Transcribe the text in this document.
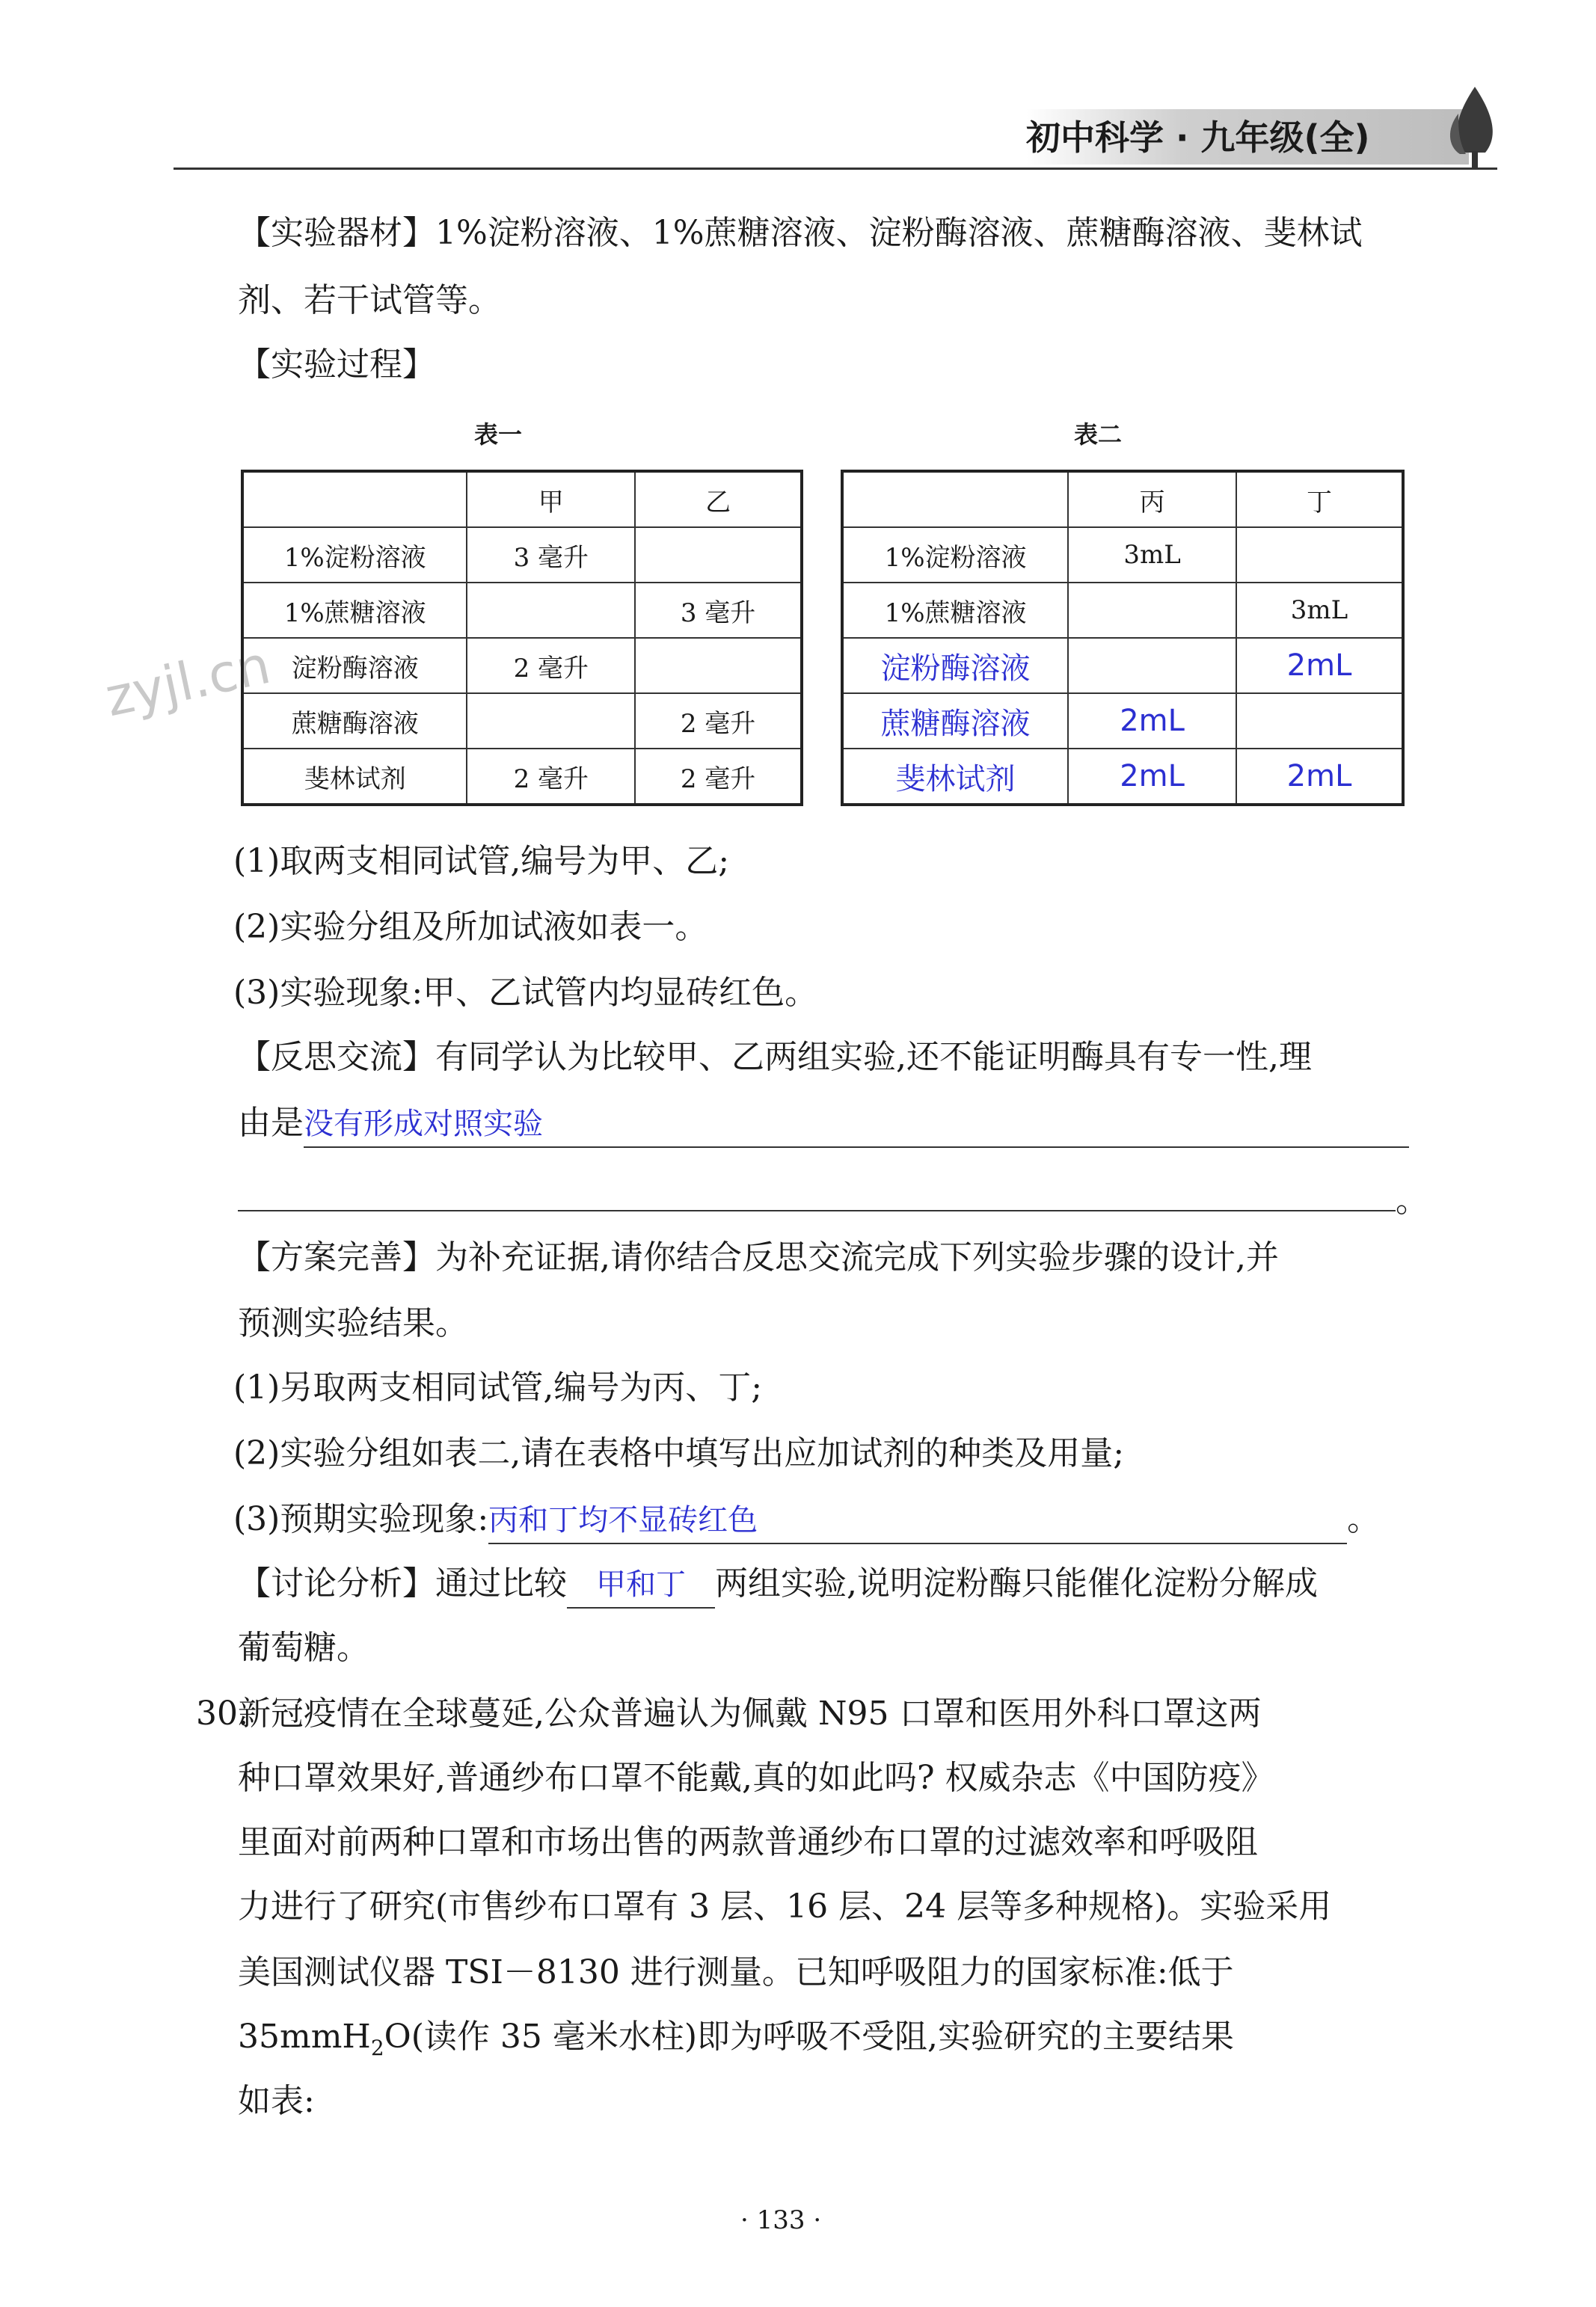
初中科学 · 九年级(全)
zyjl.cn
【实验器材】1%淀粉溶液、1%蔗糖溶液、淀粉酶溶液、蔗糖酶溶液、斐林试
剂、若干试管等。
【实验过程】
表一	表二
	甲	乙
1%淀粉溶液	3 毫升	
1%蔗糖溶液		3 毫升
淀粉酶溶液	2 毫升	
蔗糖酶溶液		2 毫升
斐林试剂	2 毫升	2 毫升
	丙	丁
1%淀粉溶液	3mL	
1%蔗糖溶液		3mL
淀粉酶溶液		2mL
蔗糖酶溶液	2mL	
斐林试剂	2mL	2mL
(1)取两支相同试管,编号为甲、乙;
(2)实验分组及所加试液如表一。
(3)实验现象:甲、乙试管内均显砖红色。
【反思交流】有同学认为比较甲、乙两组实验,还不能证明酶具有专一性,理
由是没有形成对照实验
。
【方案完善】为补充证据,请你结合反思交流完成下列实验步骤的设计,并
预测实验结果。
(1)另取两支相同试管,编号为丙、丁;
(2)实验分组如表二,请在表格中填写出应加试剂的种类及用量;
(3)预期实验现象:丙和丁均不显砖红色	。
【讨论分析】通过比较 甲和丁 两组实验,说明淀粉酶只能催化淀粉分解成
葡萄糖。
30.
新冠疫情在全球蔓延,公众普遍认为佩戴 N95 口罩和医用外科口罩这两
种口罩效果好,普通纱布口罩不能戴,真的如此吗? 权威杂志《中国防疫》
里面对前两种口罩和市场出售的两款普通纱布口罩的过滤效率和呼吸阻
力进行了研究(市售纱布口罩有 3 层、16 层、24 层等多种规格)。实验采用
美国测试仪器 TSI－8130 进行测量。已知呼吸阻力的国家标准:低于
35mmH$_2$O(读作 35 毫米水柱)即为呼吸不受阻,实验研究的主要结果
如表:
· 133 ·
